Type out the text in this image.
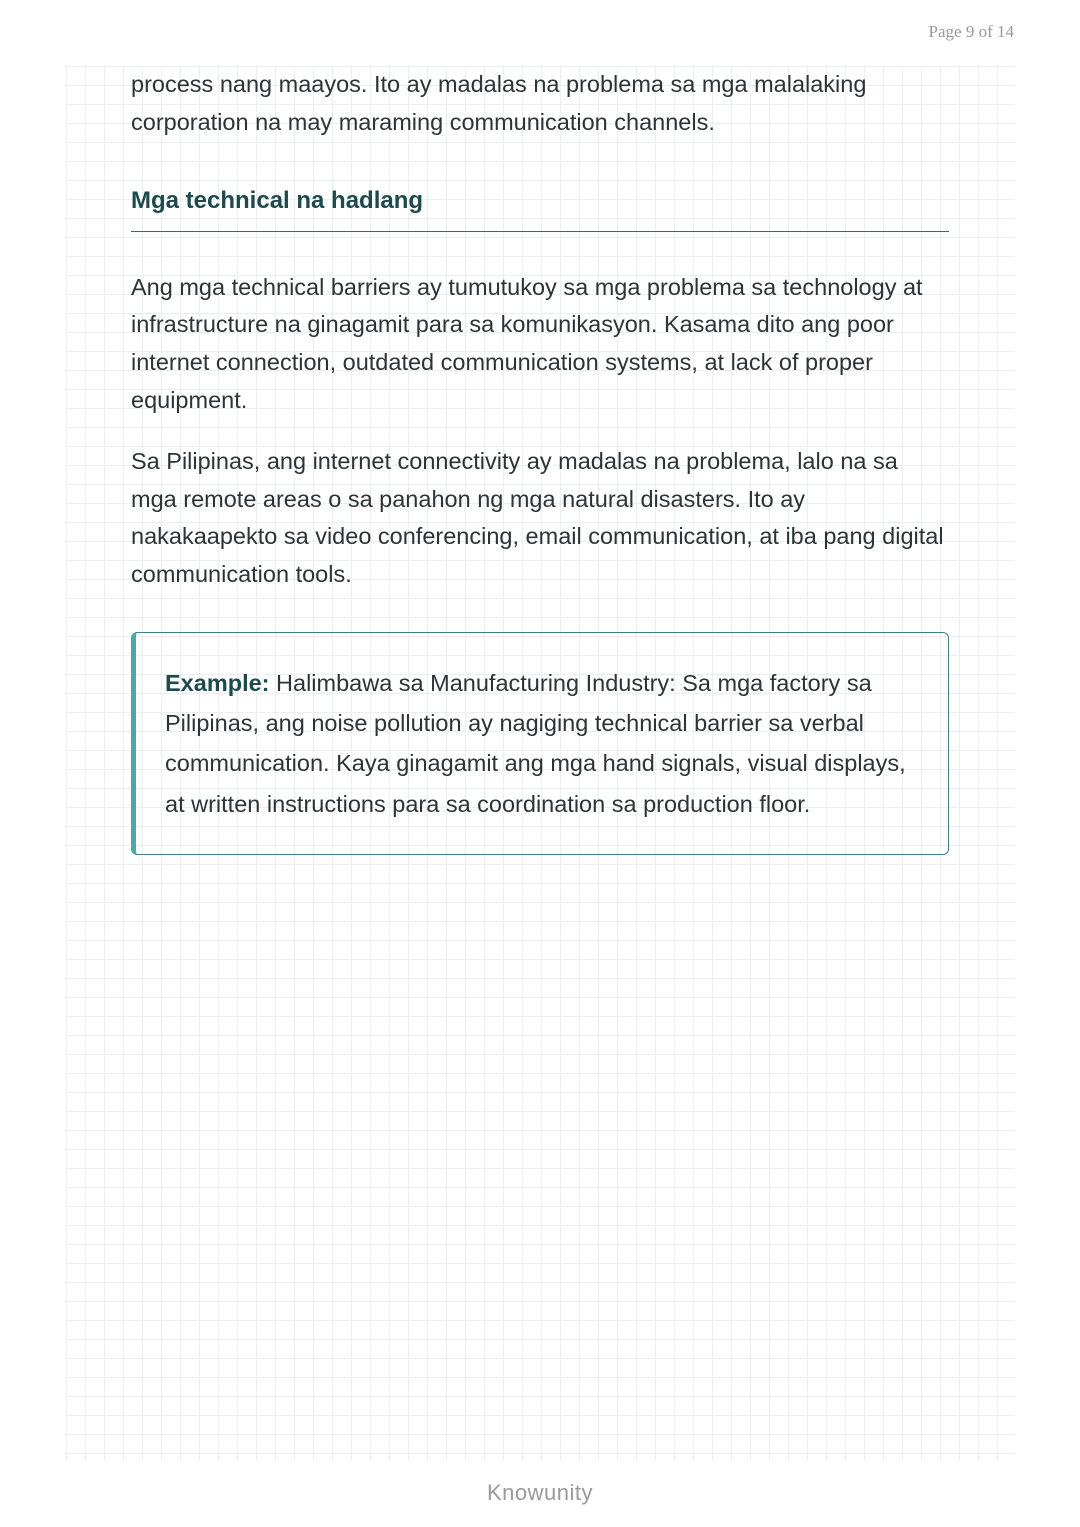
Page 9 of 14

process nang maayos. Ito ay madalas na problema sa mga malalaking corporation na may maraming communication channels.

Mga technical na hadlang

Ang mga technical barriers ay tumutukoy sa mga problema sa technology at infrastructure na ginagamit para sa komunikasyon. Kasama dito ang poor internet connection, outdated communication systems, at lack of proper equipment.

Sa Pilipinas, ang internet connectivity ay madalas na problema, lalo na sa mga remote areas o sa panahon ng mga natural disasters. Ito ay nakakaapekto sa video conferencing, email communication, at iba pang digital communication tools.

Example: Halimbawa sa Manufacturing Industry: Sa mga factory sa Pilipinas, ang noise pollution ay nagiging technical barrier sa verbal communication. Kaya ginagamit ang mga hand signals, visual displays, at written instructions para sa coordination sa production floor.

Knowunity
